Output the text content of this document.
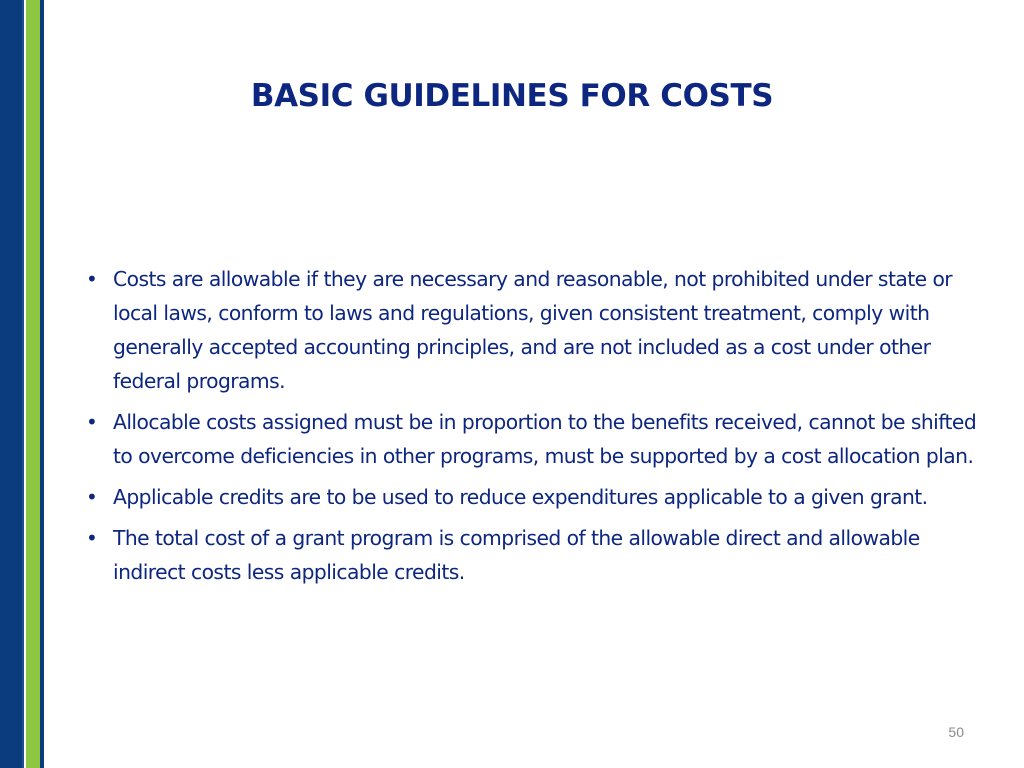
BASIC GUIDELINES FOR COSTS
• Costs are allowable if they are necessary and reasonable, not prohibited under state or local laws, conform to laws and regulations, given consistent treatment, comply with generally accepted accounting principles, and are not included as a cost under other federal programs.
• Allocable costs assigned must be in proportion to the benefits received, cannot be shifted to overcome deficiencies in other programs, must be supported by a cost allocation plan.
• Applicable credits are to be used to reduce expenditures applicable to a given grant.
• The total cost of a grant program is comprised of the allowable direct and allowable indirect costs less applicable credits.
50
